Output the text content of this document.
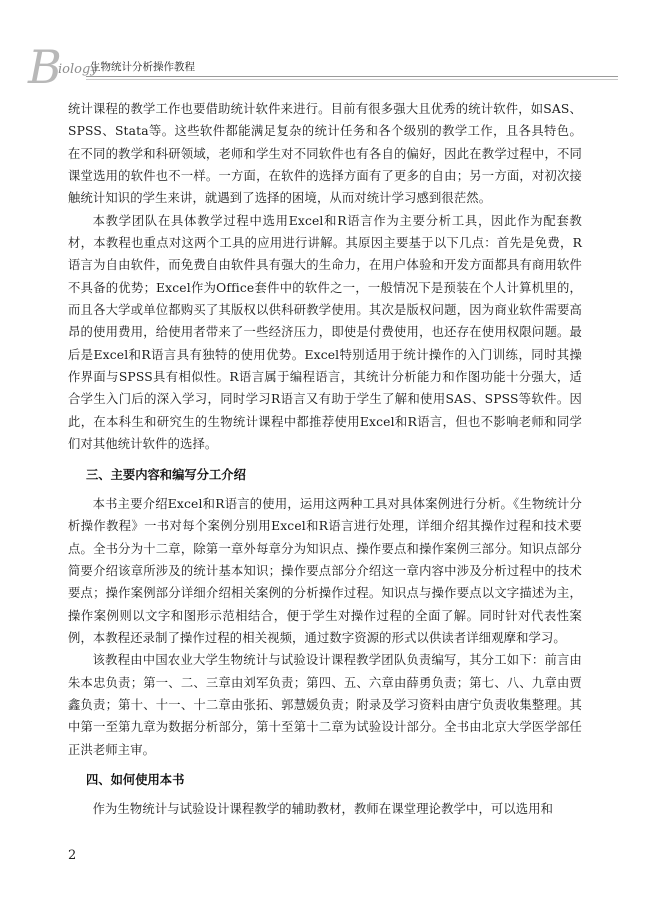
B
iology
生物统计分析操作教程

统计课程的教学工作也要借助统计软件来进行。目前有很多强大且优秀的统计软件，如SAS、SPSS、Stata等。这些软件都能满足复杂的统计任务和各个级别的教学工作，且各具特色。在不同的教学和科研领域，老师和学生对不同软件也有各自的偏好，因此在教学过程中，不同课堂选用的软件也不一样。一方面，在软件的选择方面有了更多的自由；另一方面，对初次接触统计知识的学生来讲，就遇到了选择的困境，从而对统计学习感到很茫然。

本教学团队在具体教学过程中选用Excel和R语言作为主要分析工具，因此作为配套教材，本教程也重点对这两个工具的应用进行讲解。其原因主要基于以下几点：首先是免费，R语言为自由软件，而免费自由软件具有强大的生命力，在用户体验和开发方面都具有商用软件不具备的优势；Excel作为Office套件中的软件之一，一般情况下是预装在个人计算机里的，而且各大学或单位都购买了其版权以供科研教学使用。其次是版权问题，因为商业软件需要高昂的使用费用，给使用者带来了一些经济压力，即使是付费使用，也还存在使用权限问题。最后是Excel和R语言具有独特的使用优势。Excel特别适用于统计操作的入门训练，同时其操作界面与SPSS具有相似性。R语言属于编程语言，其统计分析能力和作图功能十分强大，适合学生入门后的深入学习，同时学习R语言又有助于学生了解和使用SAS、SPSS等软件。因此，在本科生和研究生的生物统计课程中都推荐使用Excel和R语言，但也不影响老师和同学们对其他统计软件的选择。

三、主要内容和编写分工介绍

本书主要介绍Excel和R语言的使用，运用这两种工具对具体案例进行分析。《生物统计分析操作教程》一书对每个案例分别用Excel和R语言进行处理，详细介绍其操作过程和技术要点。全书分为十二章，除第一章外每章分为知识点、操作要点和操作案例三部分。知识点部分简要介绍该章所涉及的统计基本知识；操作要点部分介绍这一章内容中涉及分析过程中的技术要点；操作案例部分详细介绍相关案例的分析操作过程。知识点与操作要点以文字描述为主，操作案例则以文字和图形示范相结合，便于学生对操作过程的全面了解。同时针对代表性案例，本教程还录制了操作过程的相关视频，通过数字资源的形式以供读者详细观摩和学习。

该教程由中国农业大学生物统计与试验设计课程教学团队负责编写，其分工如下：前言由朱本忠负责；第一、二、三章由刘军负责；第四、五、六章由薛勇负责；第七、八、九章由贾鑫负责；第十、十一、十二章由张拓、郭慧媛负责；附录及学习资料由唐宁负责收集整理。其中第一至第九章为数据分析部分，第十至第十二章为试验设计部分。全书由北京大学医学部任正洪老师主审。

四、如何使用本书

作为生物统计与试验设计课程教学的辅助教材，教师在课堂理论教学中，可以选用和

2
